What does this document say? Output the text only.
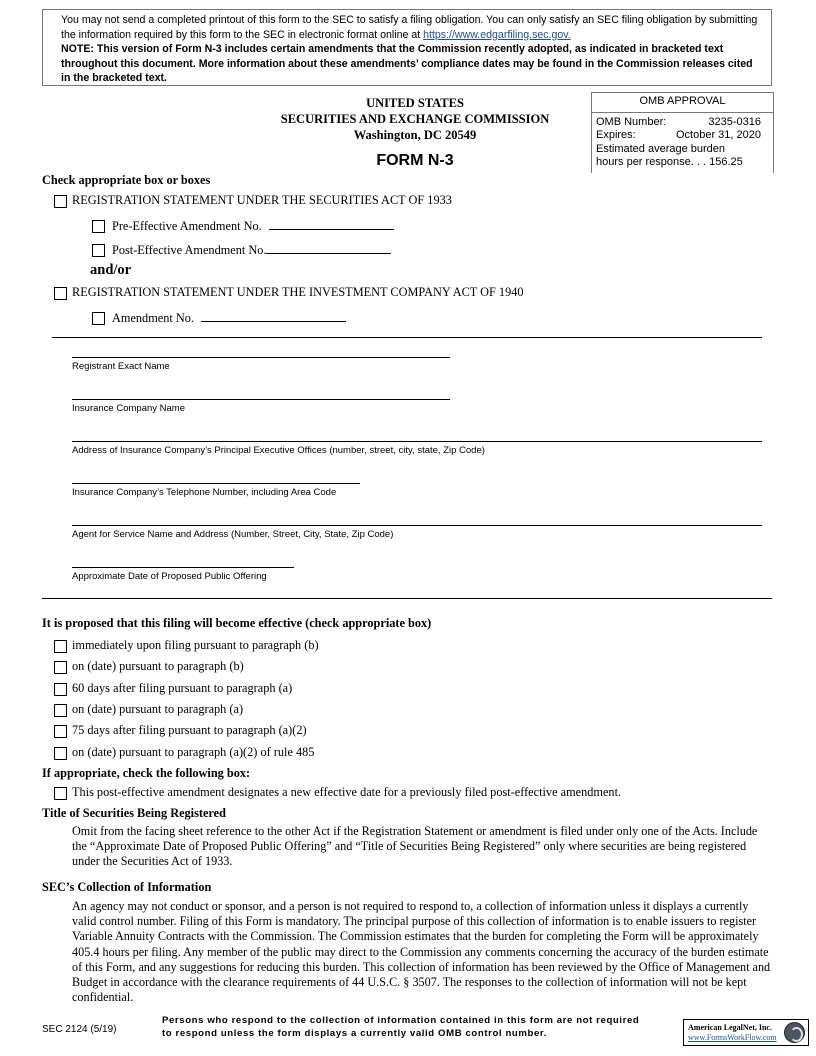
You may not send a completed printout of this form to the SEC to satisfy a filing obligation. You can only satisfy an SEC filing obligation by submitting the information required by this form to the SEC in electronic format online at https://www.edgarfiling.sec.gov.
NOTE: This version of Form N-3 includes certain amendments that the Commission recently adopted, as indicated in bracketed text throughout this document. More information about these amendments’ compliance dates may be found in the Commission releases cited in the bracketed text.
UNITED STATES
SECURITIES AND EXCHANGE COMMISSION
Washington, DC 20549
FORM N-3
OMB APPROVAL
OMB Number:	3235-0316
Expires:	October 31, 2020
Estimated average burden
hours per response. . . 156.25
Check appropriate box or boxes
REGISTRATION STATEMENT UNDER THE SECURITIES ACT OF 1933
Pre-Effective Amendment No.
Post-Effective Amendment No.
and/or
REGISTRATION STATEMENT UNDER THE INVESTMENT COMPANY ACT OF 1940
Amendment No.
Registrant Exact Name
Insurance Company Name
Address of Insurance Company’s Principal Executive Offices (number, street, city, state, Zip Code)
Insurance Company’s Telephone Number, including Area Code
Agent for Service Name and Address (Number, Street, City, State, Zip Code)
Approximate Date of Proposed Public Offering
It is proposed that this filing will become effective (check appropriate box)
immediately upon filing pursuant to paragraph (b)
on (date) pursuant to paragraph (b)
60 days after filing pursuant to paragraph (a)
on (date) pursuant to paragraph (a)
75 days after filing pursuant to paragraph (a)(2)
on (date) pursuant to paragraph (a)(2) of rule 485
If appropriate, check the following box:
This post-effective amendment designates a new effective date for a previously filed post-effective amendment.
Title of Securities Being Registered
Omit from the facing sheet reference to the other Act if the Registration Statement or amendment is filed under only one of the Acts. Include the “Approximate Date of Proposed Public Offering” and “Title of Securities Being Registered” only where securities are being registered under the Securities Act of 1933.
SEC’s Collection of Information
An agency may not conduct or sponsor, and a person is not required to respond to, a collection of information unless it displays a currently valid control number. Filing of this Form is mandatory. The principal purpose of this collection of information is to enable issuers to register Variable Annuity Contracts with the Commission. The Commission estimates that the burden for completing the Form will be approximately 405.4 hours per filing. Any member of the public may direct to the Commission any comments concerning the accuracy of the burden estimate of this Form, and any suggestions for reducing this burden. This collection of information has been reviewed by the Office of Management and Budget in accordance with the clearance requirements of 44 U.S.C. § 3507. The responses to the collection of information will not be kept confidential.
SEC 2124 (5/19)
Persons who respond to the collection of information contained in this form are not required to respond unless the form displays a currently valid OMB control number.
American LegalNet, Inc.
www.FormsWorkFlow.com
